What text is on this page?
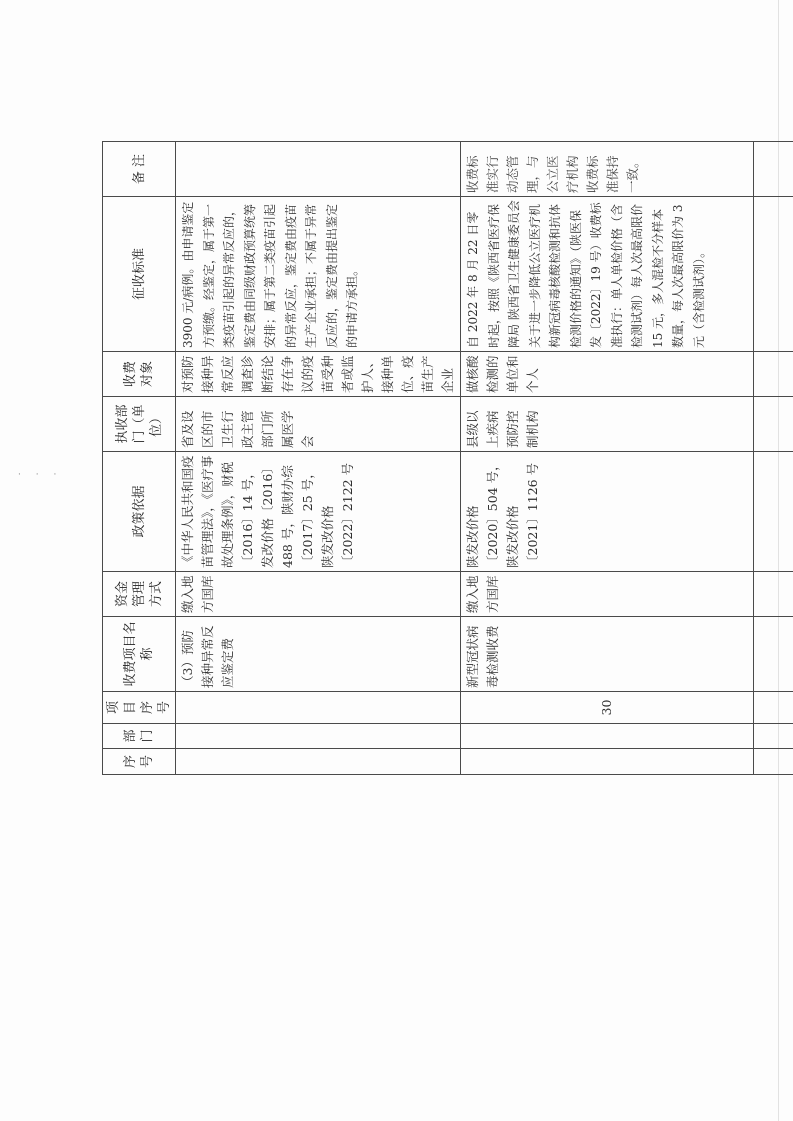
· · ·
序号	部门	项目序号	收费项目名称	资金管理方式	政策依据	执收部门（单位）	收费对象	征收标准	备 注
			（3）预防接种异常反应鉴定费	缴入地方国库	《中华人民共和国疫苗管理法》，《医疗事故处理条例》，财税〔2016〕14 号，发改价格〔2016〕488 号，陕财办综〔2017〕25 号，陕发改价格〔2022〕2122 号	省及设区的市卫生行政主管部门所属医学会	对预防接种异常反应调查诊断结论存在争议的疫苗受种者或监护人、接种单位、疫苗生产企业	3900 元/病例。由申请鉴定方预缴。经鉴定，属于第一类疫苗引起的异常反应的，鉴定费由同级财政预算统筹安排；属于第二类疫苗引起的异常反应，鉴定费由疫苗生产企业承担；不属于异常反应的，鉴定费由提出鉴定的申请方承担。	
		30	新型冠状病毒检测收费	缴入地方国库	陕发改价格〔2020〕504 号，陕发改价格〔2021〕1126 号	县级以上疾病预防控制机构	做核酸检测的单位和个人	自 2022 年 8 月 22 日零时起，按照《陕西省医疗保障局 陕西省卫生健康委员会关于进一步降低公立医疗机构新冠病毒核酸检测和抗体检测价格的通知》（陕医保发〔2022〕19 号）收费标准执行：单人单检价格（含检测试剂）每人次最高限价 15 元，多人混检不分样本数量，每人次最高限价为 3 元（含检测试剂）。	收费标准实行动态管理，与公立医疗机构收费标准保持一致。
